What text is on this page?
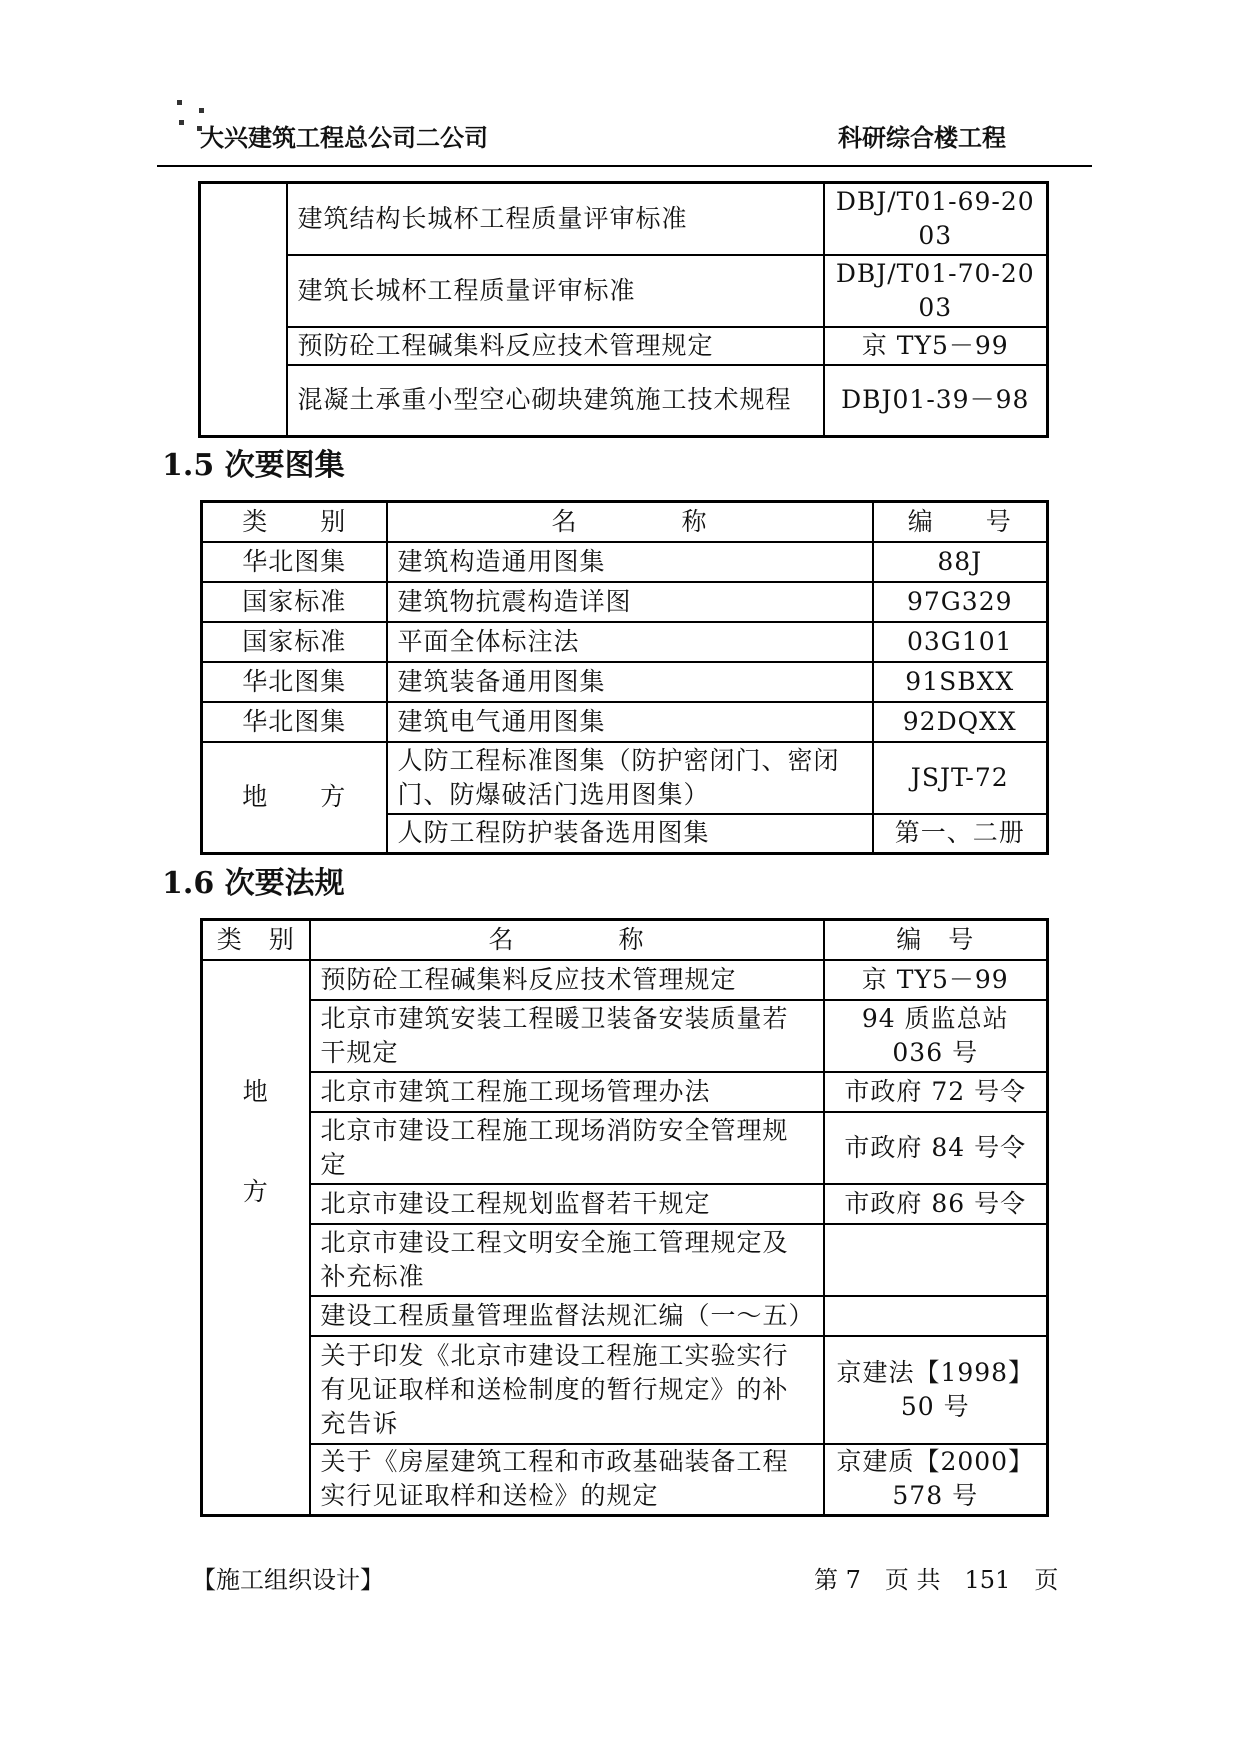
大兴建筑工程总公司二公司	科研综合楼工程
	建筑结构长城杯工程质量评审标准	DBJ/T01-69-2003
	建筑长城杯工程质量评审标准	DBJ/T01-70-2003
	预防砼工程碱集料反应技术管理规定	京 TY5－99
	混凝土承重小型空心砌块建筑施工技术规程	DBJ01-39－98
1.5 次要图集
类　　别	名　　　　称	编　　号
华北图集	建筑构造通用图集	88J
国家标准	建筑物抗震构造详图	97G329
国家标准	平面全体标注法	03G101
华北图集	建筑装备通用图集	91SBXX
华北图集	建筑电气通用图集	92DQXX
地　　方	人防工程标准图集（防护密闭门、密闭门、防爆破活门选用图集）	JSJT-72
	人防工程防护装备选用图集	第一、二册
1.6 次要法规
类　别	名　　　　称	编　号

地
方	预防砼工程碱集料反应技术管理规定	京 TY5－99
	北京市建筑安装工程暖卫装备安装质量若干规定	94 质监总站 036 号
	北京市建筑工程施工现场管理办法	市政府 72 号令
	北京市建设工程施工现场消防安全管理规定	市政府 84 号令
	北京市建设工程规划监督若干规定	市政府 86 号令
	北京市建设工程文明安全施工管理规定及补充标准	
	建设工程质量管理监督法规汇编（一～五）	
	关于印发《北京市建设工程施工实验实行有见证取样和送检制度的暂行规定》的补充告诉	京建法【1998】50 号
	关于《房屋建筑工程和市政基础装备工程实行见证取样和送检》的规定	京建质【2000】578 号
【施工组织设计】	第 7　页 共　151　页
